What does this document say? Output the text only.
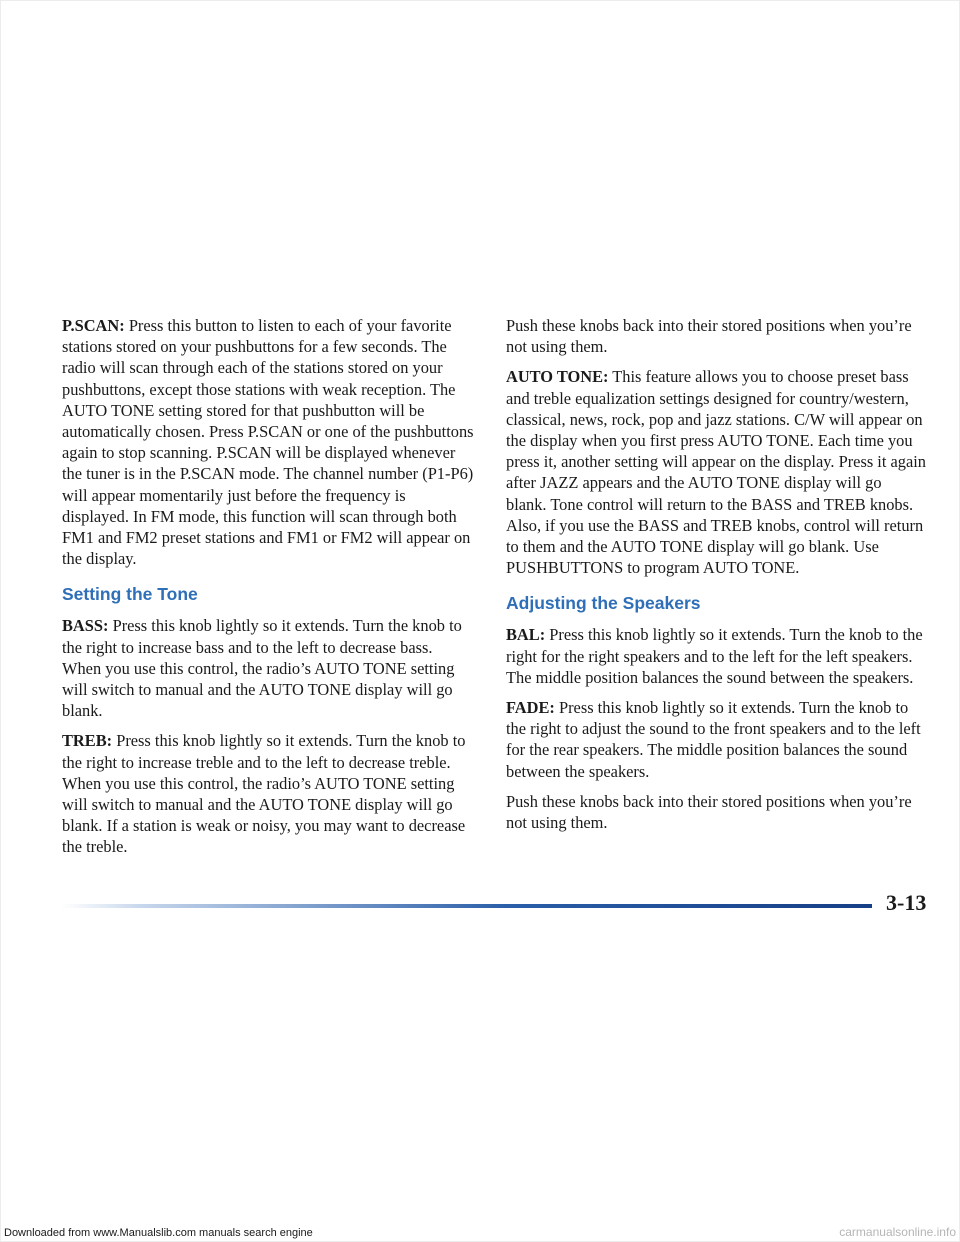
P.SCAN: Press this button to listen to each of your favorite stations stored on your pushbuttons for a few seconds. The radio will scan through each of the stations stored on your pushbuttons, except those stations with weak reception. The AUTO TONE setting stored for that pushbutton will be automatically chosen. Press P.SCAN or one of the pushbuttons again to stop scanning. P.SCAN will be displayed whenever the tuner is in the P.SCAN mode. The channel number (P1-P6) will appear momentarily just before the frequency is displayed. In FM mode, this function will scan through both FM1 and FM2 preset stations and FM1 or FM2 will appear on the display.

Setting the Tone

BASS: Press this knob lightly so it extends. Turn the knob to the right to increase bass and to the left to decrease bass. When you use this control, the radio’s AUTO TONE setting will switch to manual and the AUTO TONE display will go blank.

TREB: Press this knob lightly so it extends. Turn the knob to the right to increase treble and to the left to decrease treble. When you use this control, the radio’s AUTO TONE setting will switch to manual and the AUTO TONE display will go blank. If a station is weak or noisy, you may want to decrease the treble.

Push these knobs back into their stored positions when you’re not using them.

AUTO TONE: This feature allows you to choose preset bass and treble equalization settings designed for country/western, classical, news, rock, pop and jazz stations. C/W will appear on the display when you first press AUTO TONE. Each time you press it, another setting will appear on the display. Press it again after JAZZ appears and the AUTO TONE display will go blank. Tone control will return to the BASS and TREB knobs. Also, if you use the BASS and TREB knobs, control will return to them and the AUTO TONE display will go blank. Use PUSHBUTTONS to program AUTO TONE.

Adjusting the Speakers

BAL: Press this knob lightly so it extends. Turn the knob to the right for the right speakers and to the left for the left speakers. The middle position balances the sound between the speakers.

FADE: Press this knob lightly so it extends. Turn the knob to the right to adjust the sound to the front speakers and to the left for the rear speakers. The middle position balances the sound between the speakers.

Push these knobs back into their stored positions when you’re not using them.

3-13
Downloaded from www.Manualslib.com manuals search engine	carmanualsonline.info
